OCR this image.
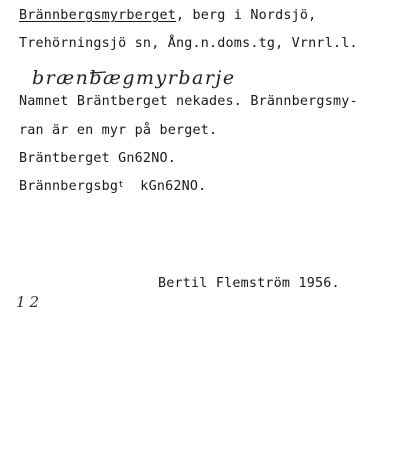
Brännbergsmyrberget, berg i Nordsjö,
Trehörningsjö sn, Ång.n.doms.tg, Vrnrl.l.
brænbægmyrbarje
Namnet Bräntberget nekades. Brännbergsmy-
ran är en myr på berget.
Bräntberget Gn62NO.
Brännbergsbg$^t$  kGn62NO.
Bertil Flemström 1956.
12
